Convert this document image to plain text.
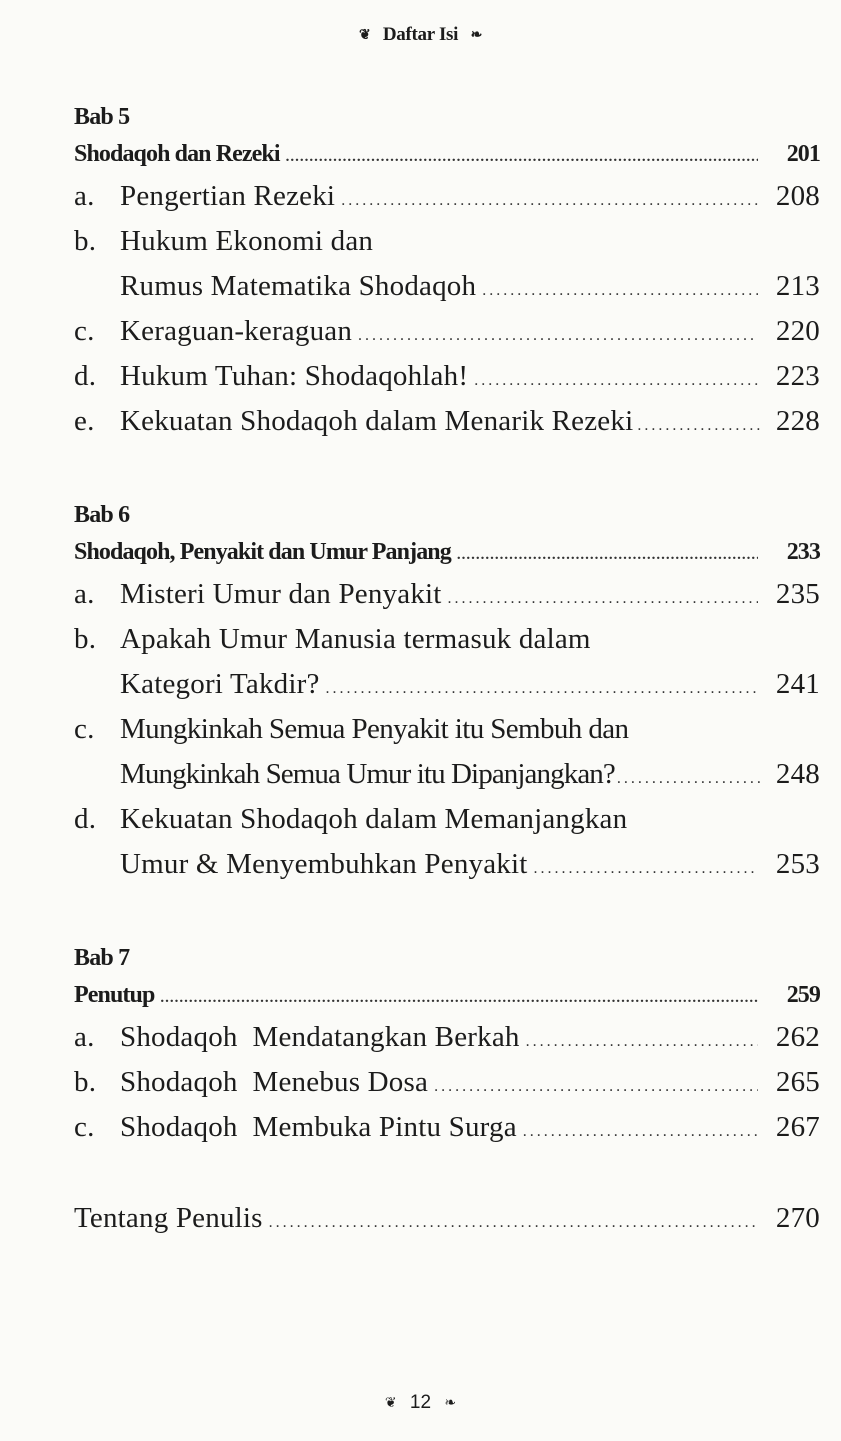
❦ Daftar Isi ❧
Bab 5
Shodaqoh dan Rezeki .....	201
a. Pengertian Rezeki .....	208
b. Hukum Ekonomi dan
Rumus Matematika Shodaqoh .....	213
c. Keraguan-keraguan .....	220
d. Hukum Tuhan: Shodaqohlah! .....	223
e. Kekuatan Shodaqoh dalam Menarik Rezeki .....	228
Bab 6
Shodaqoh, Penyakit dan Umur Panjang .....	233
a. Misteri Umur dan Penyakit .....	235
b. Apakah Umur Manusia termasuk dalam
Kategori Takdir? .....	241
c. Mungkinkah Semua Penyakit itu Sembuh dan
Mungkinkah Semua Umur itu Dipanjangkan? .....	248
d. Kekuatan Shodaqoh dalam Memanjangkan
Umur & Menyembuhkan Penyakit .....	253
Bab 7
Penutup .....	259
a. Shodaqoh  Mendatangkan Berkah .....	262
b. Shodaqoh  Menebus Dosa .....	265
c. Shodaqoh  Membuka Pintu Surga .....	267
Tentang Penulis .....	270
❦ 12 ❧
